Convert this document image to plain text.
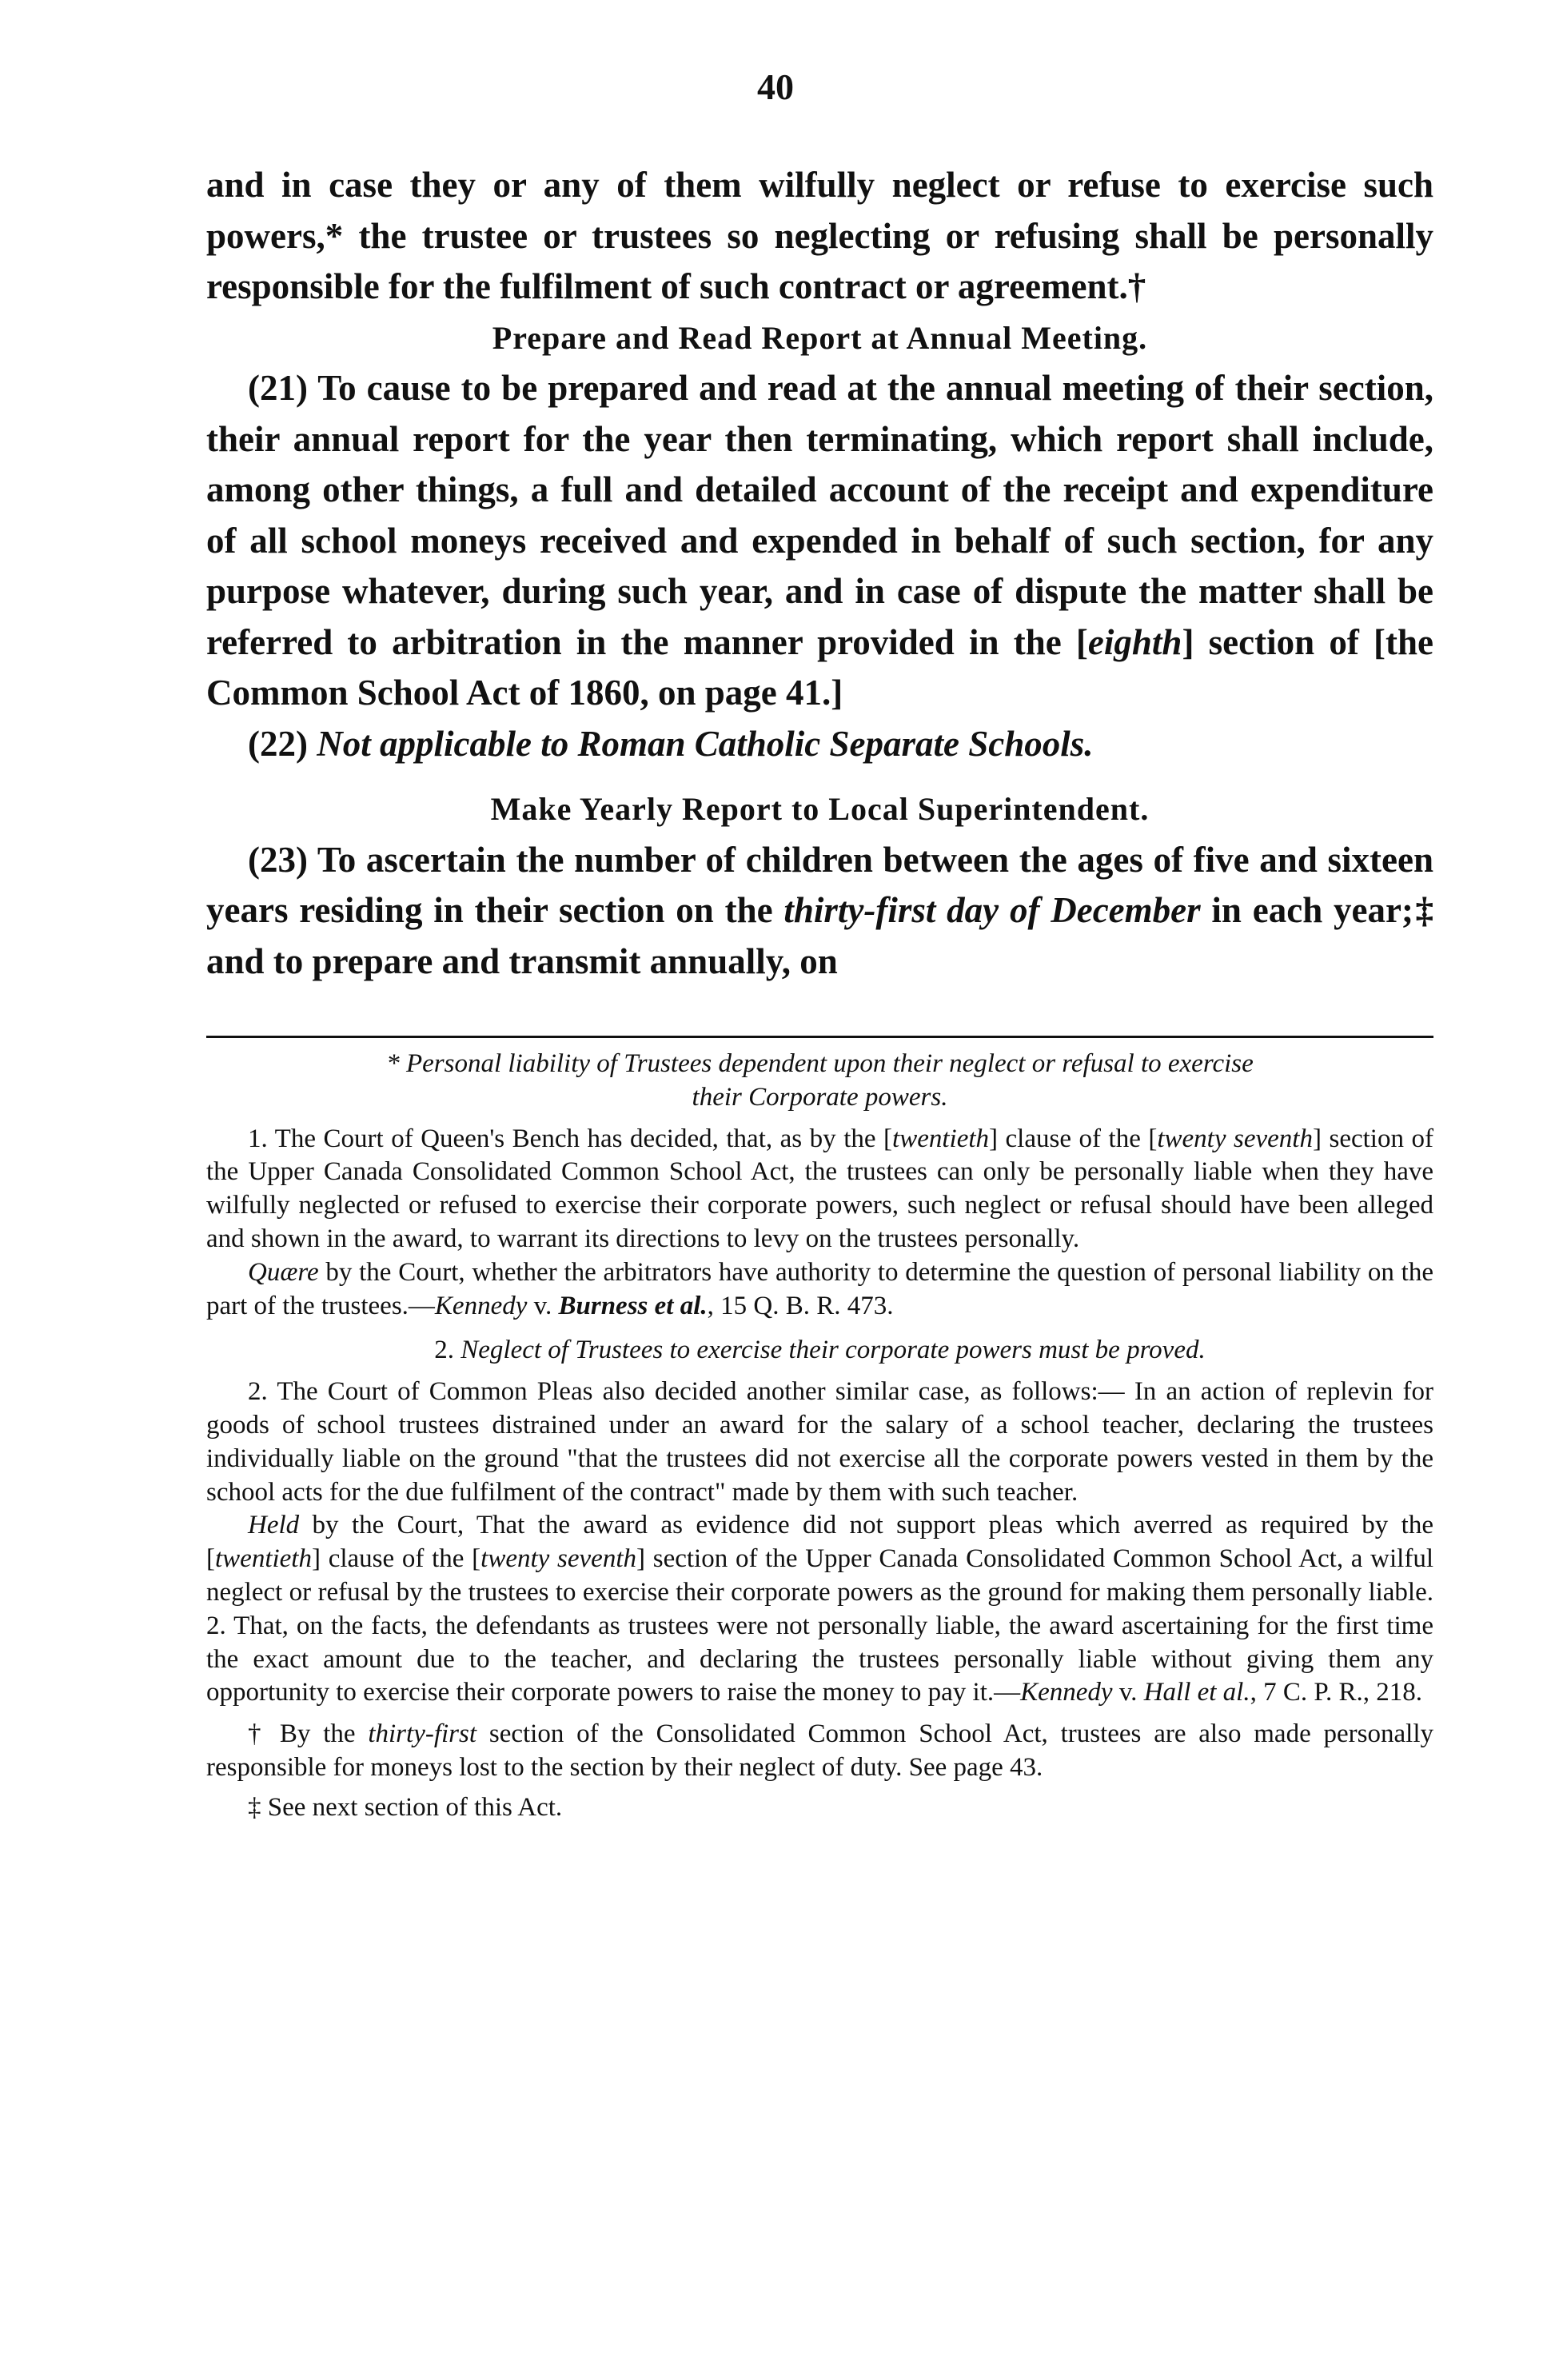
40

and in case they or any of them wilfully neglect or refuse to exercise such powers,* the trustee or trustees so neglecting or refusing shall be personally responsible for the fulfilment of such contract or agreement.†

Prepare and Read Report at Annual Meeting.

(21) To cause to be prepared and read at the annual meeting of their section, their annual report for the year then terminating, which report shall include, among other things, a full and detailed account of the receipt and expenditure of all school moneys received and expended in behalf of such section, for any purpose whatever, during such year, and in case of dispute the matter shall be referred to arbitration in the manner provided in the [eighth] section of [the Common School Act of 1860, on page 41.]

(22) Not applicable to Roman Catholic Separate Schools.

Make Yearly Report to Local Superintendent.

(23) To ascertain the number of children between the ages of five and sixteen years residing in their section on the thirty-first day of December in each year;‡ and to prepare and transmit annually, on

* Personal liability of Trustees dependent upon their neglect or refusal to exercise
their Corporate powers.

1. The Court of Queen's Bench has decided, that, as by the [twentieth] clause of the [twenty seventh] section of the Upper Canada Consolidated Common School Act, the trustees can only be personally liable when they have wilfully neglected or refused to exercise their corporate powers, such neglect or refusal should have been alleged and shown in the award, to warrant its directions to levy on the trustees personally.

Quære by the Court, whether the arbitrators have authority to determine the question of personal liability on the part of the trustees.—Kennedy v. Burness et al., 15 Q. B. R. 473.

2. Neglect of Trustees to exercise their corporate powers must be proved.

2. The Court of Common Pleas also decided another similar case, as follows:— In an action of replevin for goods of school trustees distrained under an award for the salary of a school teacher, declaring the trustees individually liable on the ground "that the trustees did not exercise all the corporate powers vested in them by the school acts for the due fulfilment of the contract" made by them with such teacher.

Held by the Court, That the award as evidence did not support pleas which averred as required by the [twentieth] clause of the [twenty seventh] section of the Upper Canada Consolidated Common School Act, a wilful neglect or refusal by the trustees to exercise their corporate powers as the ground for making them personally liable. 2. That, on the facts, the defendants as trustees were not personally liable, the award ascertaining for the first time the exact amount due to the teacher, and declaring the trustees personally liable without giving them any opportunity to exercise their corporate powers to raise the money to pay it.—Kennedy v. Hall et al., 7 C. P. R., 218.

† By the thirty-first section of the Consolidated Common School Act, trustees are also made personally responsible for moneys lost to the section by their neglect of duty. See page 43.

‡ See next section of this Act.
